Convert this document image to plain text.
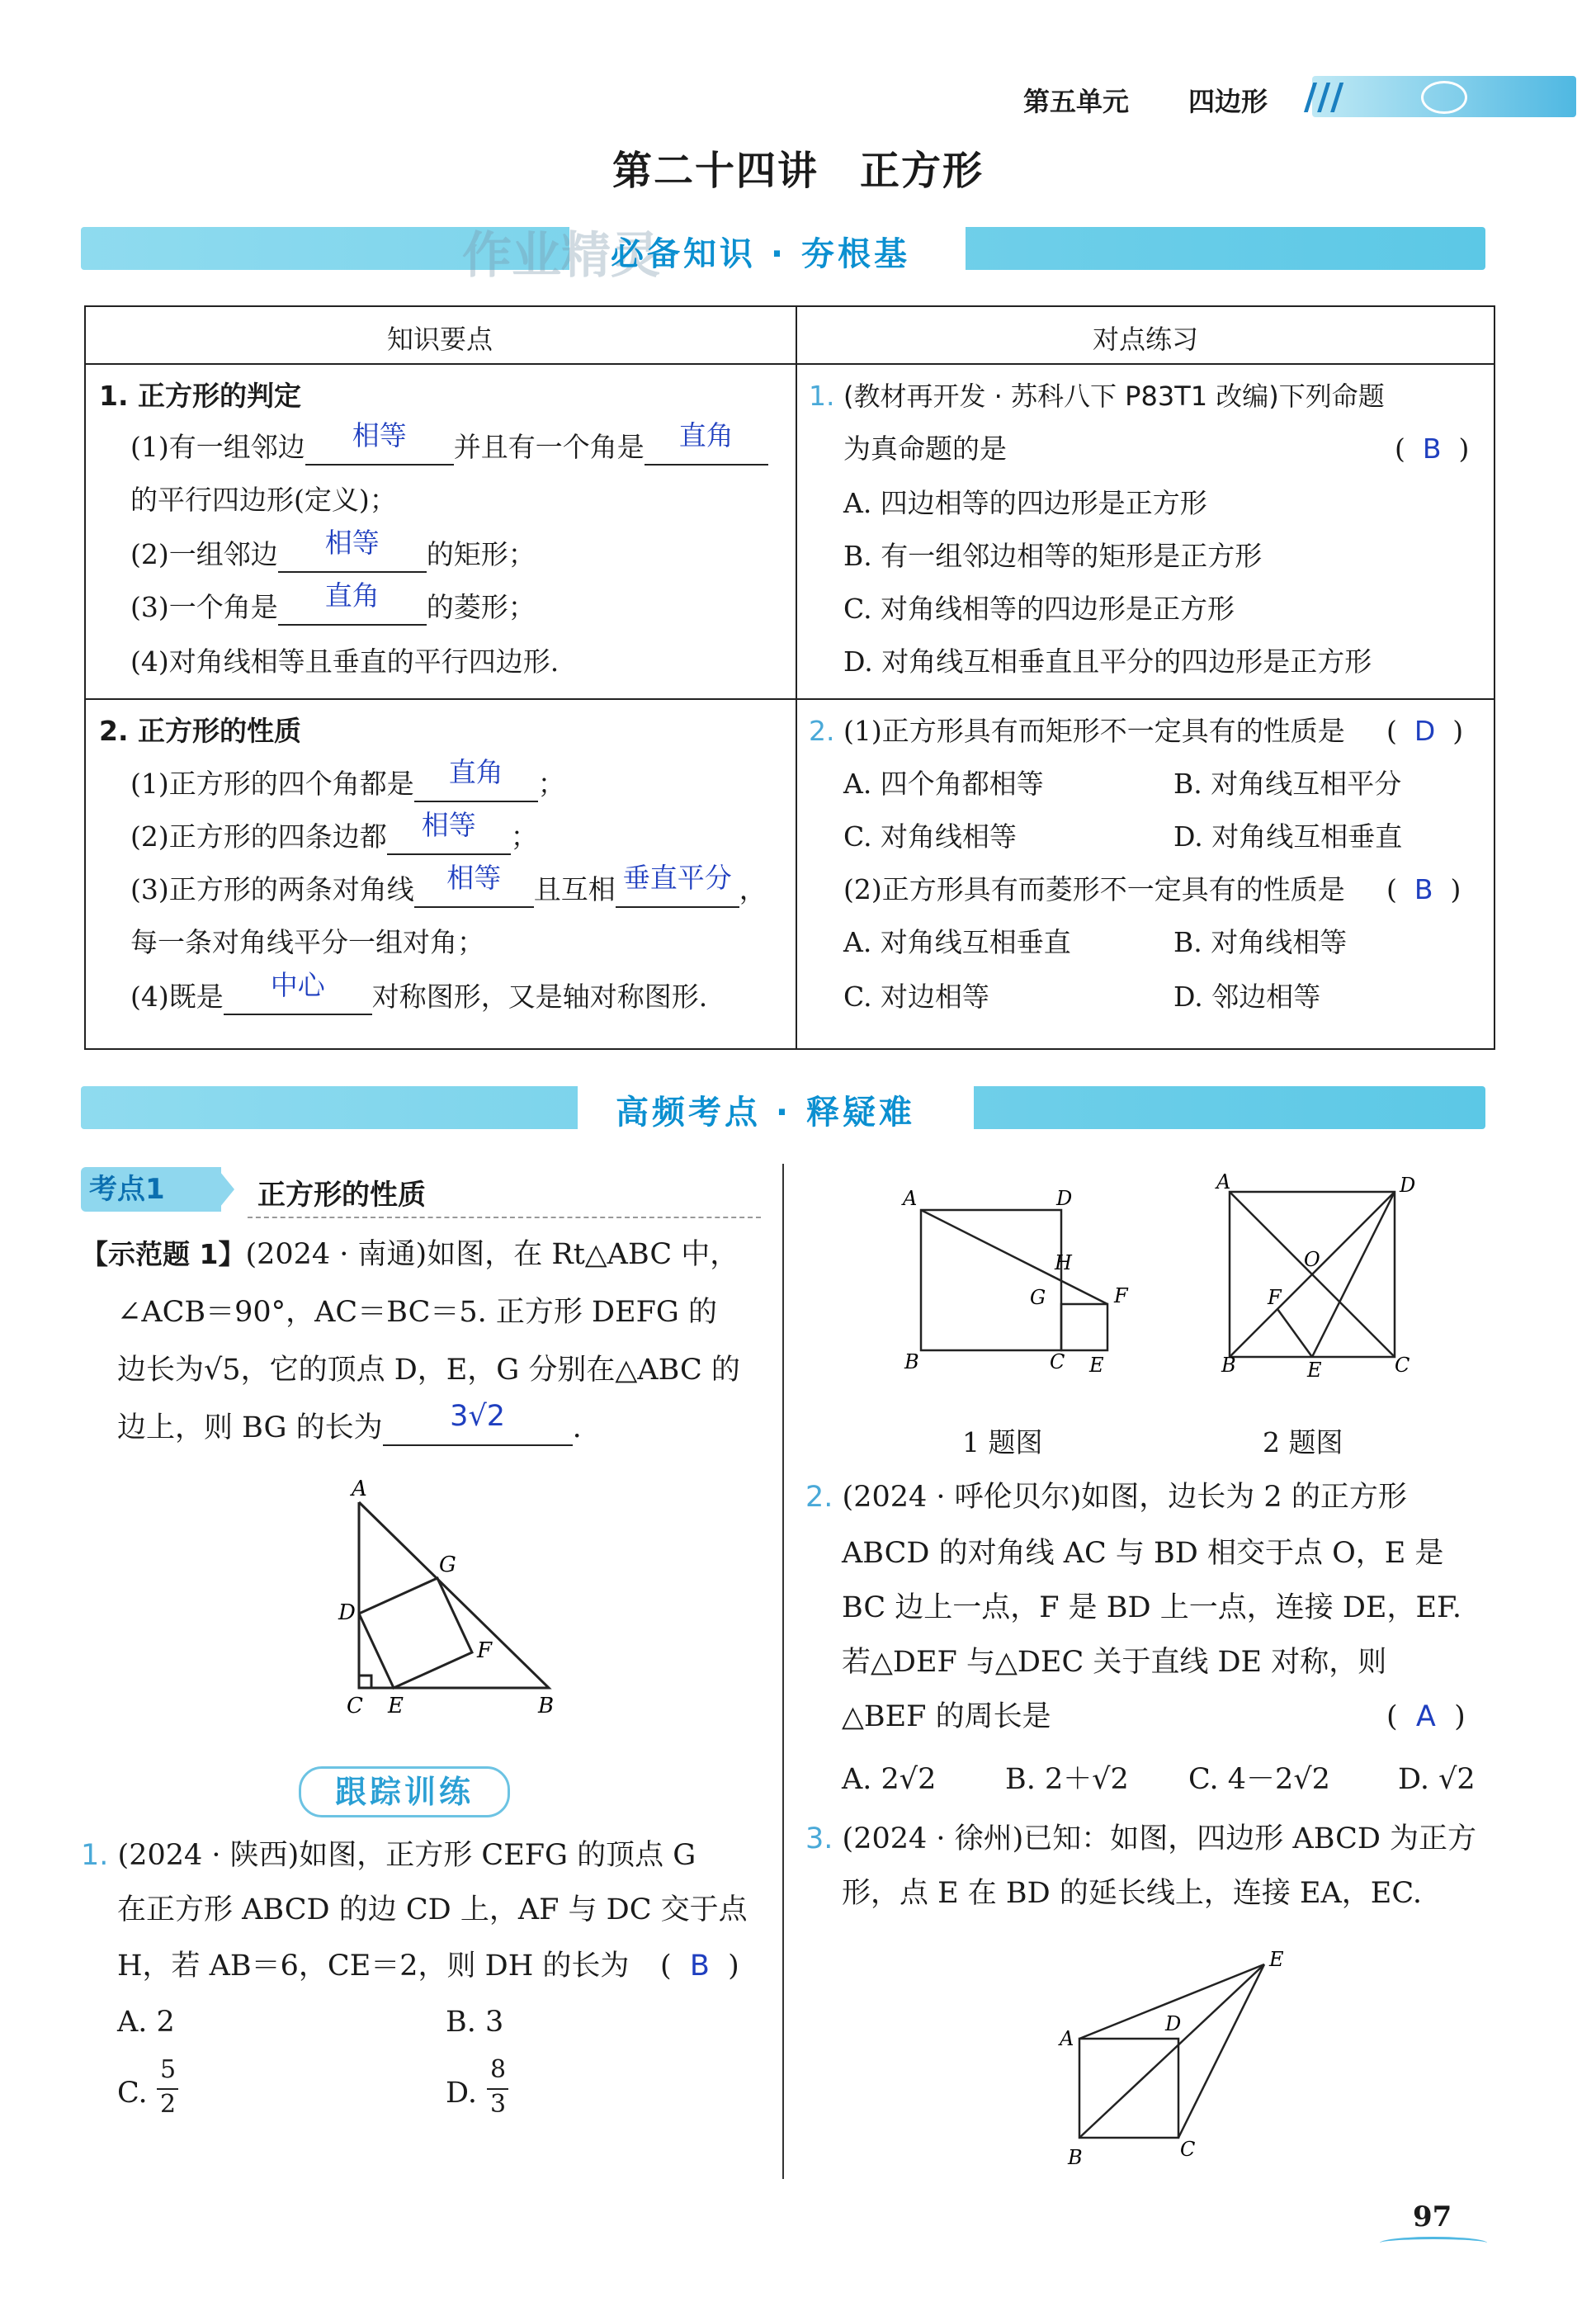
第五单元 四边形 ///
第二十四讲　正方形
作业精灵
必备知识 · 夯根基
知识要点	对点练习
1. 正方形的判定
(1)有一组邻边 相等 并且有一个角是 直角
的平行四边形(定义)；
(2)一组邻边 相等 的矩形；
(3)一个角是 直角 的菱形；
(4)对角线相等且垂直的平行四边形.
1. (教材再开发 · 苏科八下 P83T1 改编)下列命题
为真命题的是	(  B  )
A. 四边相等的四边形是正方形
B. 有一组邻边相等的矩形是正方形
C. 对角线相等的四边形是正方形
D. 对角线互相垂直且平分的四边形是正方形
2. 正方形的性质
(1)正方形的四个角都是 直角 ；
(2)正方形的四条边都 相等 ；
(3)正方形的两条对角线 相等 且互相 垂直平分 ，
每一条对角线平分一组对角；
(4)既是 中心 对称图形，又是轴对称图形.
2. (1)正方形具有而矩形不一定具有的性质是 (  D  )
A. 四个角都相等	B. 对角线互相平分
C. 对角线相等	D. 对角线互相垂直
(2)正方形具有而菱形不一定具有的性质是 (  B  )
A. 对角线互相垂直	B. 对角线相等
C. 对边相等	D. 邻边相等
高频考点 · 释疑难
考点1	正方形的性质
【示范题 1】(2024 · 南通)如图，在 Rt△ABC 中，
∠ACB＝90°，AC＝BC＝5. 正方形 DEFG 的
边长为√5，它的顶点 D，E，G 分别在△ABC 的
边上，则 BG 的长为 3√2 .
A
G
D
F
C E	B
跟踪训练
1. (2024 · 陕西)如图，正方形 CEFG 的顶点 G
在正方形 ABCD 的边 CD 上，AF 与 DC 交于点
H，若 AB＝6，CE＝2，则 DH 的长为 (  B  )
A. 2	B. 3
C.
5
2	D.
8
3
A	D
H
G	F
B	C E
A	D
O
F
B	E	C
1 题图	2 题图
2. (2024 · 呼伦贝尔)如图，边长为 2 的正方形
ABCD 的对角线 AC 与 BD 相交于点 O，E 是
BC 边上一点，F 是 BD 上一点，连接 DE，EF.
若△DEF 与△DEC 关于直线 DE 对称，则
△BEF 的周长是	(  A  )
A. 2√2 B. 2＋√2 C. 4－2√2 D. √2
3. (2024 · 徐州)已知：如图，四边形 ABCD 为正方
形，点 E 在 BD 的延长线上，连接 EA，EC.
E
A
D
B	C
97
